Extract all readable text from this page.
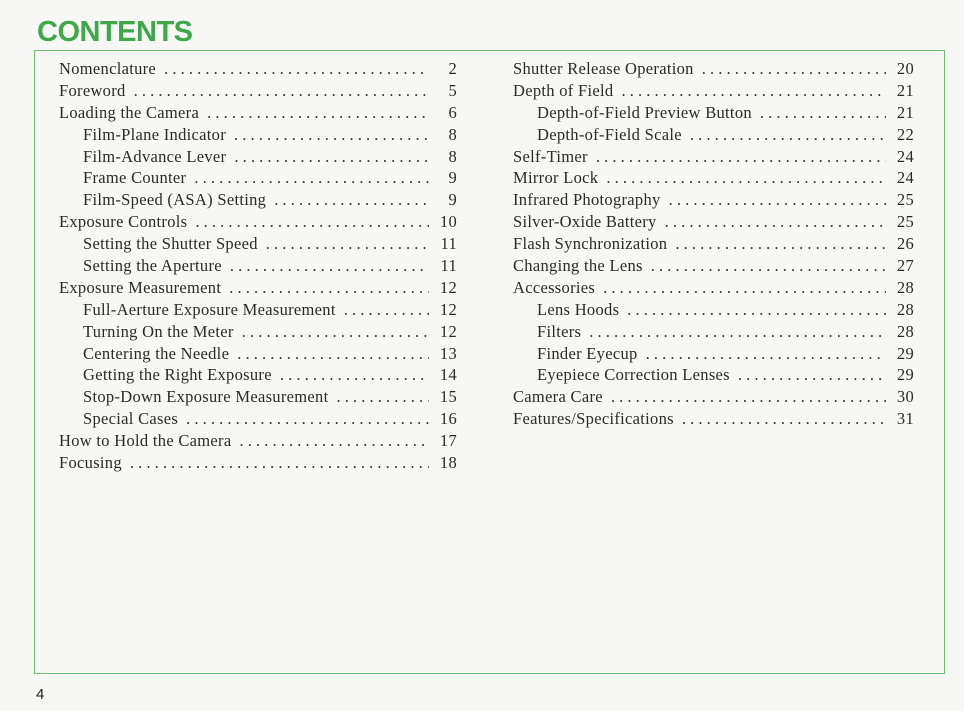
CONTENTS
Nomenclature . . .	2
Foreword . . .	5
Loading the Camera . . .	6
Film-Plane Indicator . . .	8
Film-Advance Lever . . .	8
Frame Counter . . .	9
Film-Speed (ASA) Setting . . .	9
Exposure Controls . . .	10
Setting the Shutter Speed . . .	11
Setting the Aperture . . .	11
Exposure Measurement . . .	12
Full-Aerture Exposure Measurement . . .	12
Turning On the Meter . . .	12
Centering the Needle . . .	13
Getting the Right Exposure . . .	14
Stop-Down Exposure Measurement . . .	15
Special Cases . . .	16
How to Hold the Camera . . .	17
Focusing . . .	18
Shutter Release Operation . . .	20
Depth of Field . . .	21
Depth-of-Field Preview Button . . .	21
Depth-of-Field Scale . . .	22
Self-Timer . . .	24
Mirror Lock . . .	24
Infrared Photography . . .	25
Silver-Oxide Battery . . .	25
Flash Synchronization . . .	26
Changing the Lens . . .	27
Accessories . . .	28
Lens Hoods . . .	28
Filters . . .	28
Finder Eyecup . . .	29
Eyepiece Correction Lenses . . .	29
Camera Care . . .	30
Features/Specifications . . .	31
4
